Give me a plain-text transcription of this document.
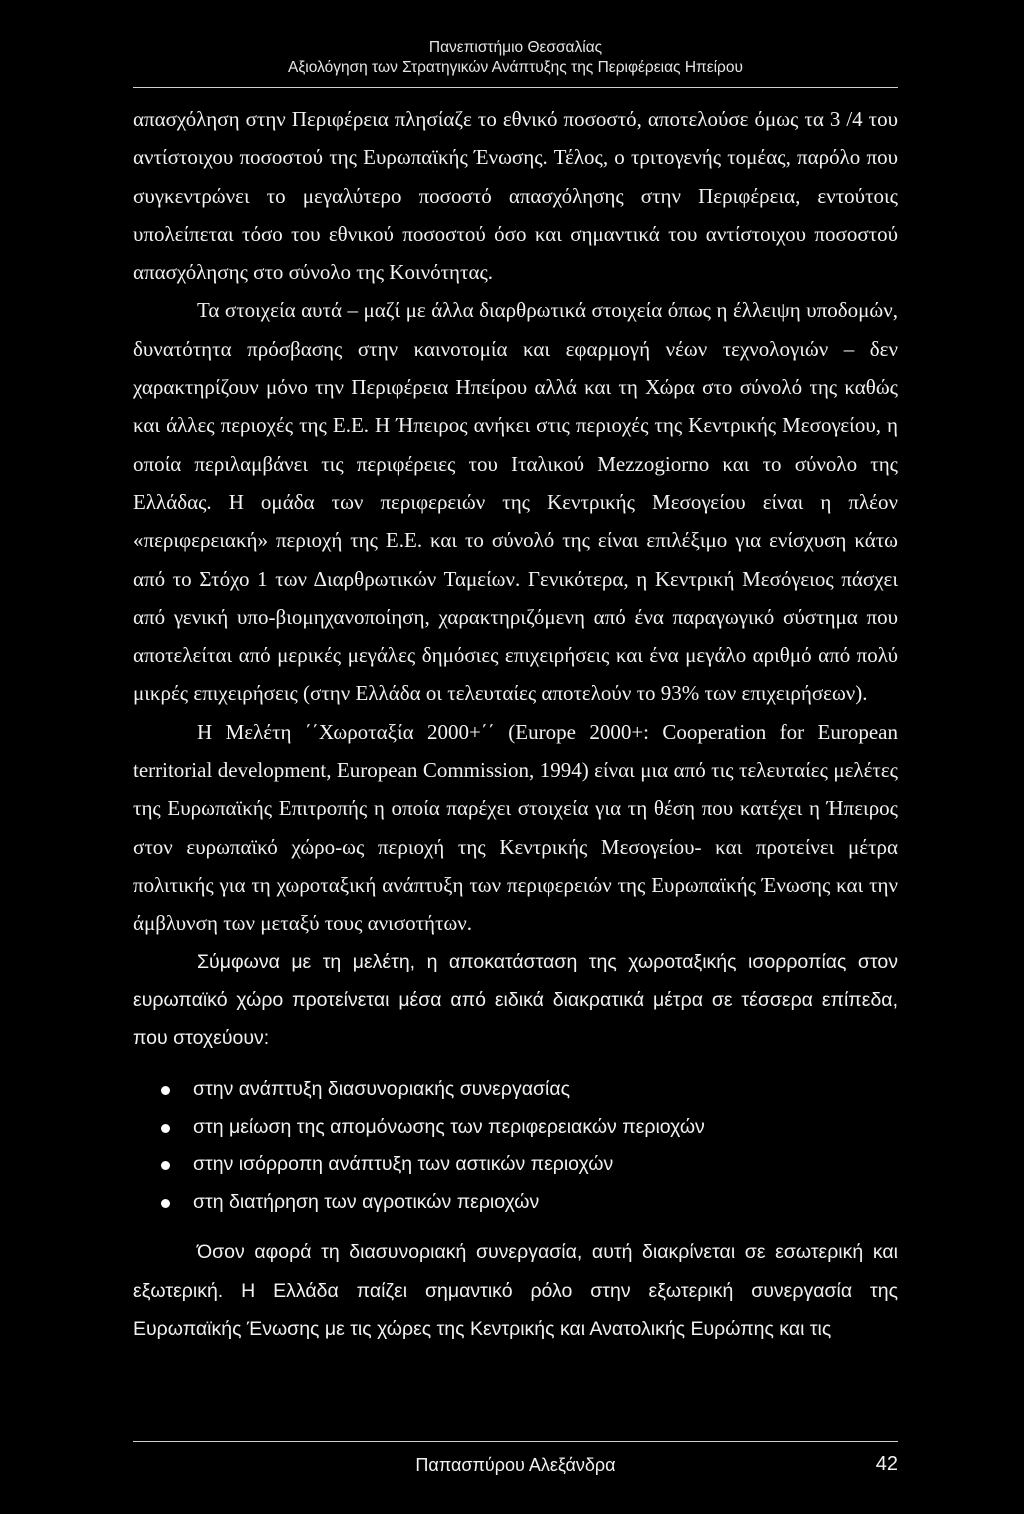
Πανεπιστήμιο Θεσσαλίας
Αξιολόγηση των Στρατηγικών Ανάπτυξης της Περιφέρειας Ηπείρου

απασχόληση στην Περιφέρεια πλησίαζε το εθνικό ποσοστό, αποτελούσε όμως τα 3 /4 του αντίστοιχου ποσοστού της Ευρωπαϊκής Ένωσης. Τέλος, ο τριτογενής τομέας, παρόλο που συγκεντρώνει το μεγαλύτερο ποσοστό απασχόλησης στην Περιφέρεια, εντούτοις υπολείπεται τόσο του εθνικού ποσοστού όσο και σημαντικά του αντίστοιχου ποσοστού απασχόλησης στο σύνολο της Κοινότητας.

Τα στοιχεία αυτά – μαζί με άλλα διαρθρωτικά στοιχεία όπως η έλλειψη υποδομών, δυνατότητα πρόσβασης στην καινοτομία και εφαρμογή νέων τεχνολογιών – δεν χαρακτηρίζουν μόνο την Περιφέρεια Ηπείρου αλλά και τη Χώρα στο σύνολό της καθώς και άλλες περιοχές της Ε.Ε. Η Ήπειρος ανήκει στις περιοχές της Κεντρικής Μεσογείου, η οποία περιλαμβάνει τις περιφέρειες του Ιταλικού Mezzogiorno και το σύνολο της Ελλάδας. Η ομάδα των περιφερειών της Κεντρικής Μεσογείου είναι η πλέον «περιφερειακή» περιοχή της Ε.Ε. και το σύνολό της είναι επιλέξιμο για ενίσχυση κάτω από το Στόχο 1 των Διαρθρωτικών Ταμείων. Γενικότερα, η Κεντρική Μεσόγειος πάσχει από γενική υπο-βιομηχανοποίηση, χαρακτηριζόμενη από ένα παραγωγικό σύστημα που αποτελείται από μερικές μεγάλες δημόσιες επιχειρήσεις και ένα μεγάλο αριθμό από πολύ μικρές επιχειρήσεις (στην Ελλάδα οι τελευταίες αποτελούν το 93% των επιχειρήσεων).

Η Μελέτη ΄΄Χωροταξία 2000+΄΄ (Europe 2000+: Cooperation for European territorial development, European Commission, 1994) είναι μια από τις τελευταίες μελέτες της Ευρωπαϊκής Επιτροπής η οποία παρέχει στοιχεία για τη θέση που κατέχει η Ήπειρος στον ευρωπαϊκό χώρο-ως περιοχή της Κεντρικής Μεσογείου- και προτείνει μέτρα πολιτικής για τη χωροταξική ανάπτυξη των περιφερειών της Ευρωπαϊκής Ένωσης και την άμβλυνση των μεταξύ τους ανισοτήτων.

Σύμφωνα με τη μελέτη, η αποκατάσταση της χωροταξικής ισορροπίας στον ευρωπαϊκό χώρο προτείνεται μέσα από ειδικά διακρατικά μέτρα σε τέσσερα επίπεδα, που στοχεύουν:

στην ανάπτυξη διασυνοριακής συνεργασίας
στη μείωση της απομόνωσης των περιφερειακών περιοχών
στην ισόρροπη ανάπτυξη των αστικών περιοχών
στη διατήρηση των αγροτικών περιοχών

Όσον αφορά τη διασυνοριακή συνεργασία, αυτή διακρίνεται σε εσωτερική και εξωτερική. Η Ελλάδα παίζει σημαντικό ρόλο στην εξωτερική συνεργασία της Ευρωπαϊκής Ένωσης με τις χώρες της Κεντρικής και Ανατολικής Ευρώπης και τις

Παπασπύρου Αλεξάνδρα	42
